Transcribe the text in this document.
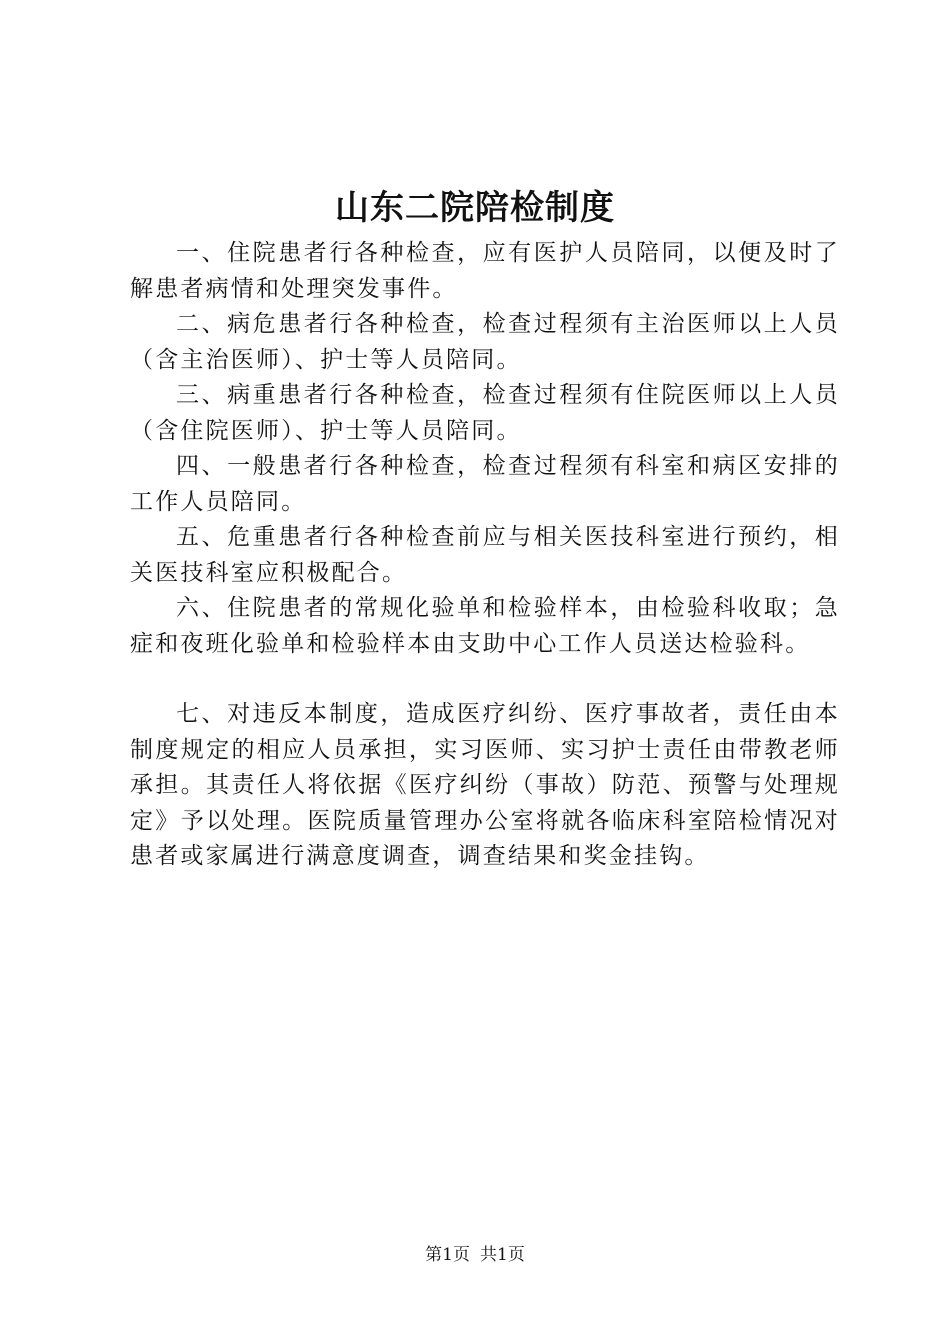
山东二院陪检制度

一、住院患者行各种检查，应有医护人员陪同，以便及时了解患者病情和处理突发事件。

二、病危患者行各种检查，检查过程须有主治医师以上人员（含主治医师）、护士等人员陪同。

三、病重患者行各种检查，检查过程须有住院医师以上人员（含住院医师）、护士等人员陪同。

四、一般患者行各种检查，检查过程须有科室和病区安排的工作人员陪同。

五、危重患者行各种检查前应与相关医技科室进行预约，相关医技科室应积极配合。

六、住院患者的常规化验单和检验样本，由检验科收取；急症和夜班化验单和检验样本由支助中心工作人员送达检验科。

七、对违反本制度，造成医疗纠纷、医疗事故者，责任由本制度规定的相应人员承担，实习医师、实习护士责任由带教老师承担。其责任人将依据《医疗纠纷（事故）防范、预警与处理规定》予以处理。医院质量管理办公室将就各临床科室陪检情况对患者或家属进行满意度调查，调查结果和奖金挂钩。

第1页 共1页
